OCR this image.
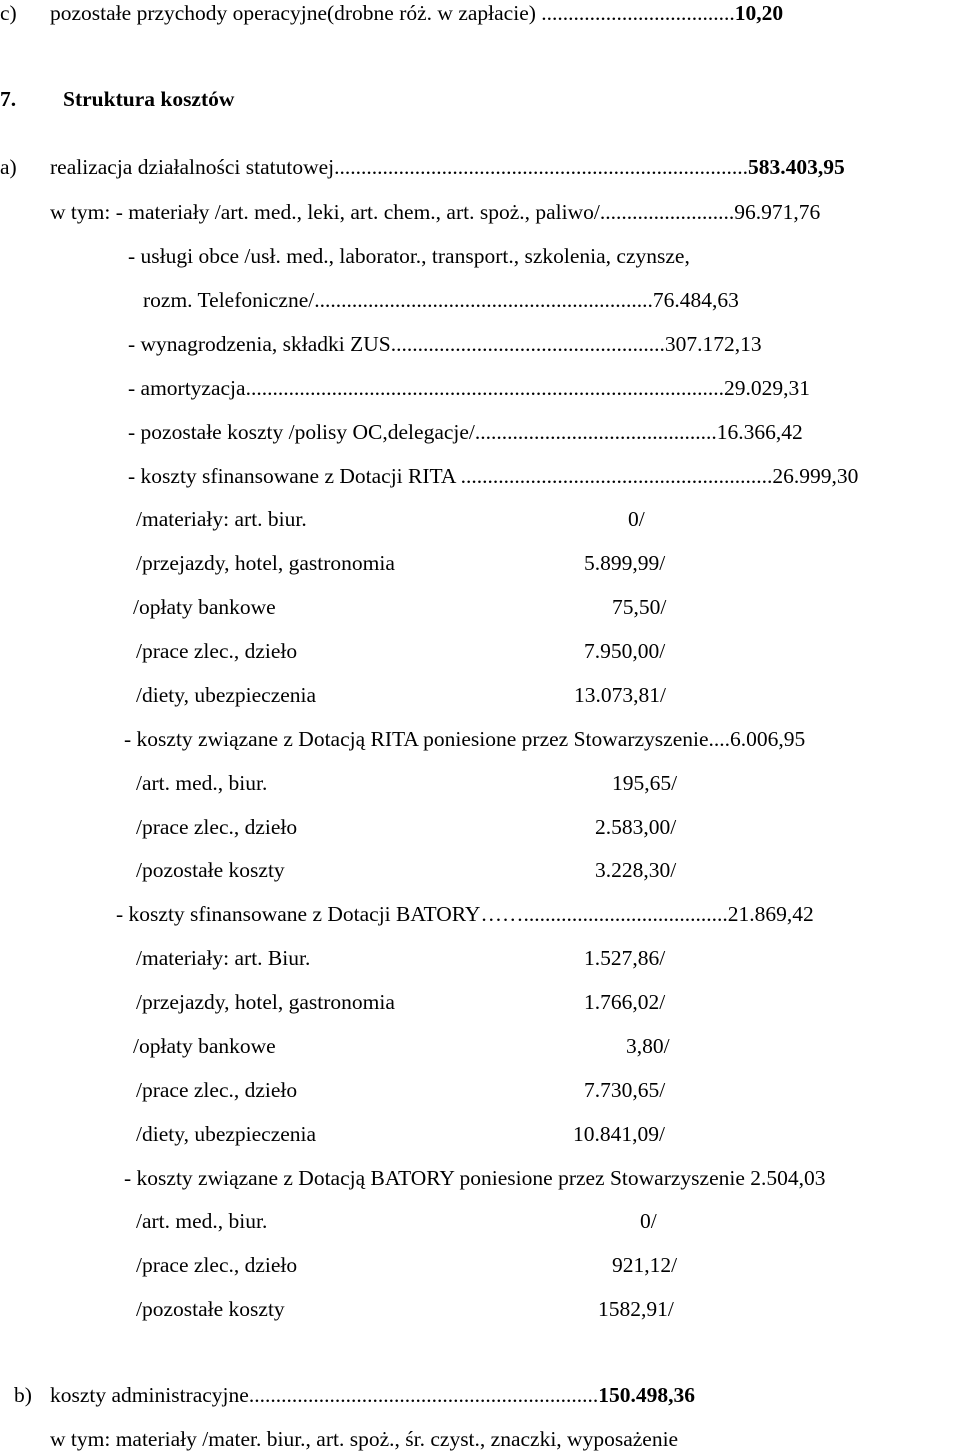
c) pozostałe przychody operacyjne(drobne róż. w zapłacie) ....................................10,20
7. Struktura kosztów
a) realizacja działalności statutowej.............................................................................583.403,95
w tym: - materiały /art. med., leki, art. chem., art. spoż., paliwo/.........................96.971,76
- usługi obce /usł. med., laborator., transport., szkolenia, czynsze,
rozm. Telefoniczne/...............................................................76.484,63
- wynagrodzenia, składki ZUS...................................................307.172,13
- amortyzacja.........................................................................................29.029,31
- pozostałe koszty /polisy OC,delegacje/.............................................16.366,42
- koszty sfinansowane z Dotacji RITA ..........................................................26.999,30
/materiały: art. biur.	0/
/przejazdy, hotel, gastronomia	5.899,99/
/opłaty bankowe	75,50/
/prace zlec., dzieło	7.950,00/
/diety, ubezpieczenia	13.073,81/
- koszty związane z Dotacją RITA poniesione przez Stowarzyszenie....6.006,95
/art. med., biur.	195,65/
/prace zlec., dzieło	2.583,00/
/pozostałe koszty	3.228,30/
- koszty sfinansowane z Dotacji BATORY……......................................21.869,42
/materiały: art. Biur.	1.527,86/
/przejazdy, hotel, gastronomia	1.766,02/
/opłaty bankowe	3,80/
/prace zlec., dzieło	7.730,65/
/diety, ubezpieczenia	10.841,09/
- koszty związane z Dotacją BATORY poniesione przez Stowarzyszenie 2.504,03
/art. med., biur.	0/
/prace zlec., dzieło	921,12/
/pozostałe koszty	1582,91/
b) koszty administracyjne.................................................................150.498,36
w tym: materiały /mater. biur., art. spoż., śr. czyst., znaczki, wyposażenie
